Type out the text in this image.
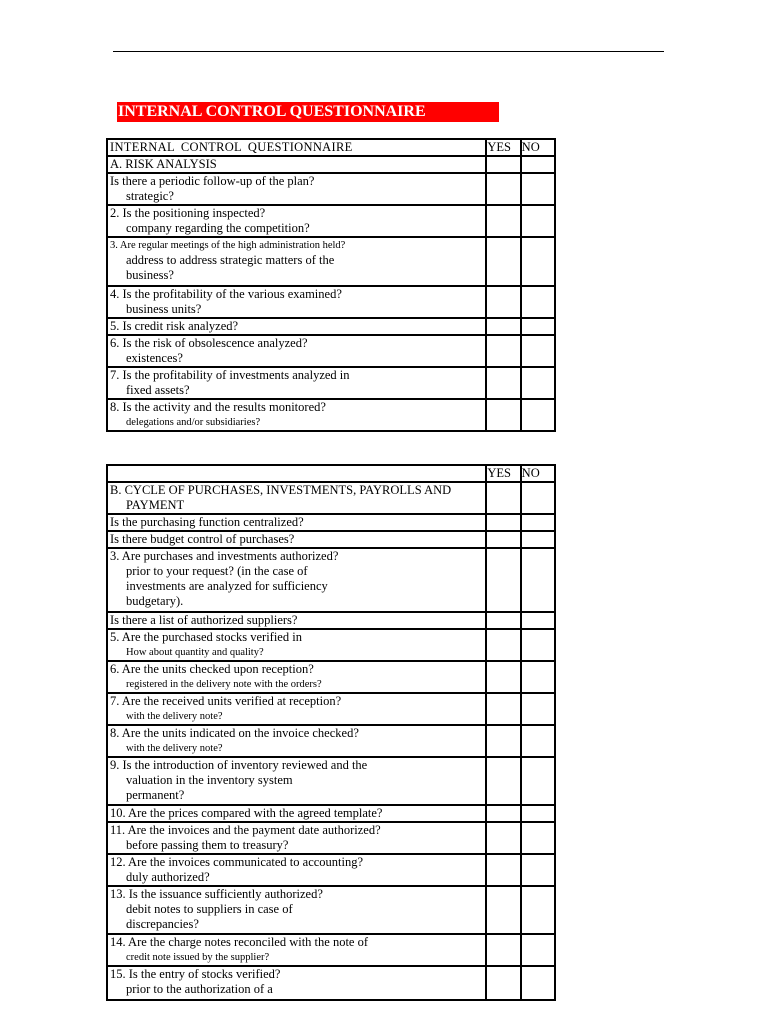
INTERNAL CONTROL QUESTIONNAIRE
INTERNAL CONTROL QUESTIONNAIRE	YES	NO
A. RISK ANALYSIS		

Is there a periodic follow-up of the plan?
strategic?		

2. Is the positioning inspected?
company regarding the competition?		

3. Are regular meetings of the high administration held?
address to address strategic matters of the
business?		

4. Is the profitability of the various examined?
business units?		

5. Is credit risk analyzed?		

6. Is the risk of obsolescence analyzed?
existences?		

7. Is the profitability of investments analyzed in
fixed assets?		

8. Is the activity and the results monitored?
delegations and/or subsidiaries?		

	YES	NO

B. CYCLE OF PURCHASES, INVESTMENTS, PAYROLLS AND
PAYMENT		

Is the purchasing function centralized?		

Is there budget control of purchases?		

3. Are purchases and investments authorized?
prior to your request? (in the case of
investments are analyzed for sufficiency
budgetary).		

Is there a list of authorized suppliers?		

5. Are the purchased stocks verified in
How about quantity and quality?		

6. Are the units checked upon reception?
registered in the delivery note with the orders?		

7. Are the received units verified at reception?
with the delivery note?		

8. Are the units indicated on the invoice checked?
with the delivery note?		

9. Is the introduction of inventory reviewed and the
valuation in the inventory system
permanent?		

10. Are the prices compared with the agreed template?		

11. Are the invoices and the payment date authorized?
before passing them to treasury?		

12. Are the invoices communicated to accounting?
duly authorized?		

13. Is the issuance sufficiently authorized?
debit notes to suppliers in case of
discrepancies?		

14. Are the charge notes reconciled with the note of
credit note issued by the supplier?		

15. Is the entry of stocks verified?
prior to the authorization of a		
